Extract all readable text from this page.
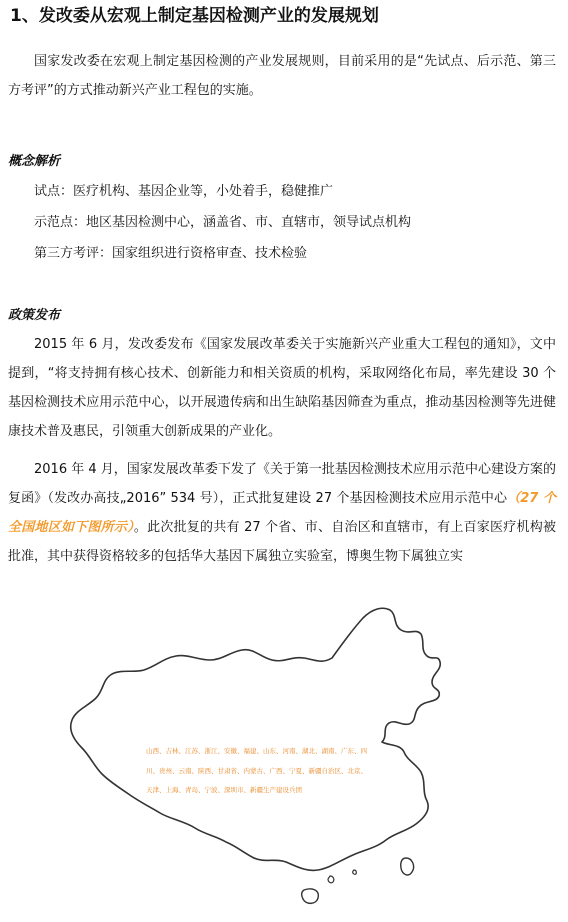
1、发改委从宏观上制定基因检测产业的发展规划

国家发改委在宏观上制定基因检测的产业发展规则，目前采用的是“先试点、后示范、第三方考评”的方式推动新兴产业工程包的实施。

概念解析
试点：医疗机构、基因企业等，小处着手，稳健推广
示范点：地区基因检测中心，涵盖省、市、直辖市，领导试点机构
第三方考评：国家组织进行资格审查、技术检验
政策发布

2015 年 6 月，发改委发布《国家发展改革委关于实施新兴产业重大工程包的通知》，文中提到，“将支持拥有核心技术、创新能力和相关资质的机构，采取网络化布局，率先建设 30 个基因检测技术应用示范中心，以开展遗传病和出生缺陷基因筛查为重点，推动基因检测等先进健康技术普及惠民，引领重大创新成果的产业化。

2016 年 4 月，国家发展改革委下发了《关于第一批基因检测技术应用示范中心建设方案的复函》（发改办高技„2016” 534 号），正式批复建设 27 个基因检测技术应用示范中心（27 个全国地区如下图所示）。此次批复的共有 27 个省、市、自治区和直辖市，有上百家医疗机构被批准，其中获得资格较多的包括华大基因下属独立实验室，博奥生物下属独立实

山西、吉林、江苏、浙江、安徽、福建、山东、河南、湖北、湖南、广东、四川、贵州、云南、陕西、甘肃省、内蒙古、广西、宁夏、新疆自治区、北京、天津、上海、青岛、宁波、深圳市、新疆生产建设兵团
